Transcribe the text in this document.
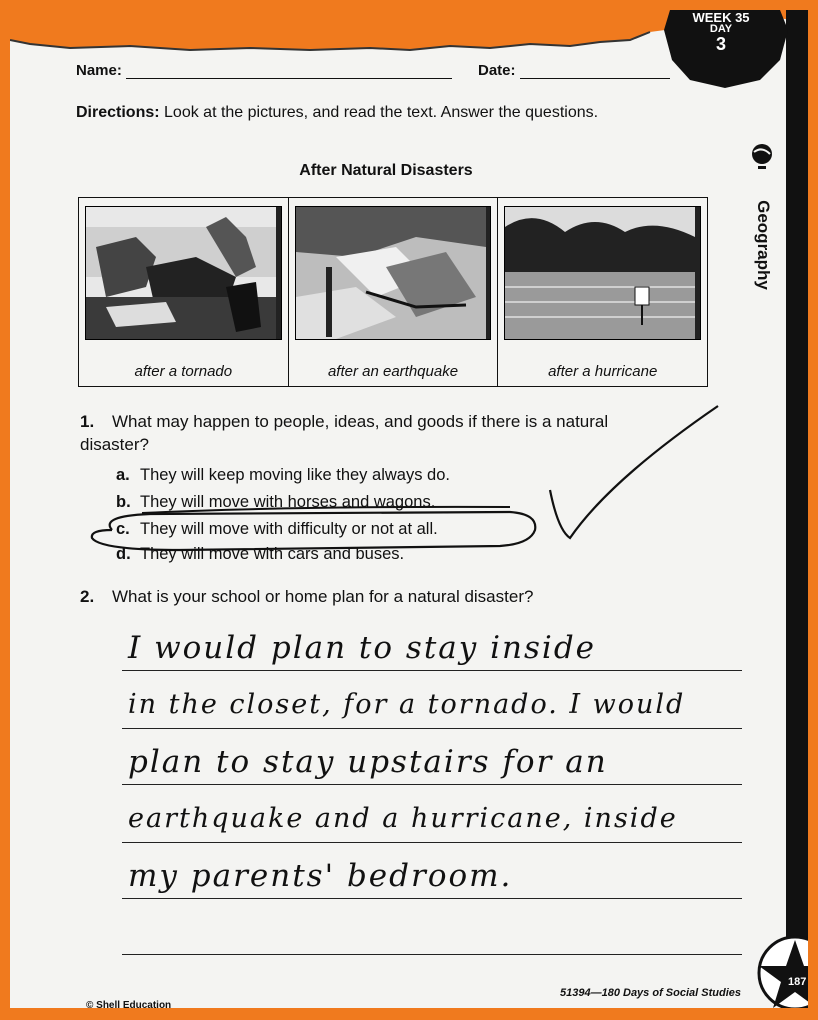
WEEK 35
DAY
3
Geography
Name:	Date:
Directions: Look at the pictures, and read the text. Answer the questions.
After Natural Disasters
after a tornado	after an earthquake	after a hurricane
1. What may happen to people, ideas, and goods if there is a natural disaster?
a. They will keep moving like they always do.
b. They will move with horses and wagons.
c. They will move with difficulty or not at all.
d. They will move with cars and buses.
2. What is your school or home plan for a natural disaster?
I would plan to stay inside
in the closet, for a tornado. I would
plan to stay upstairs for an
earthquake and a hurricane, inside
my parents' bedroom.
© Shell Education
51394—180 Days of Social Studies
187
